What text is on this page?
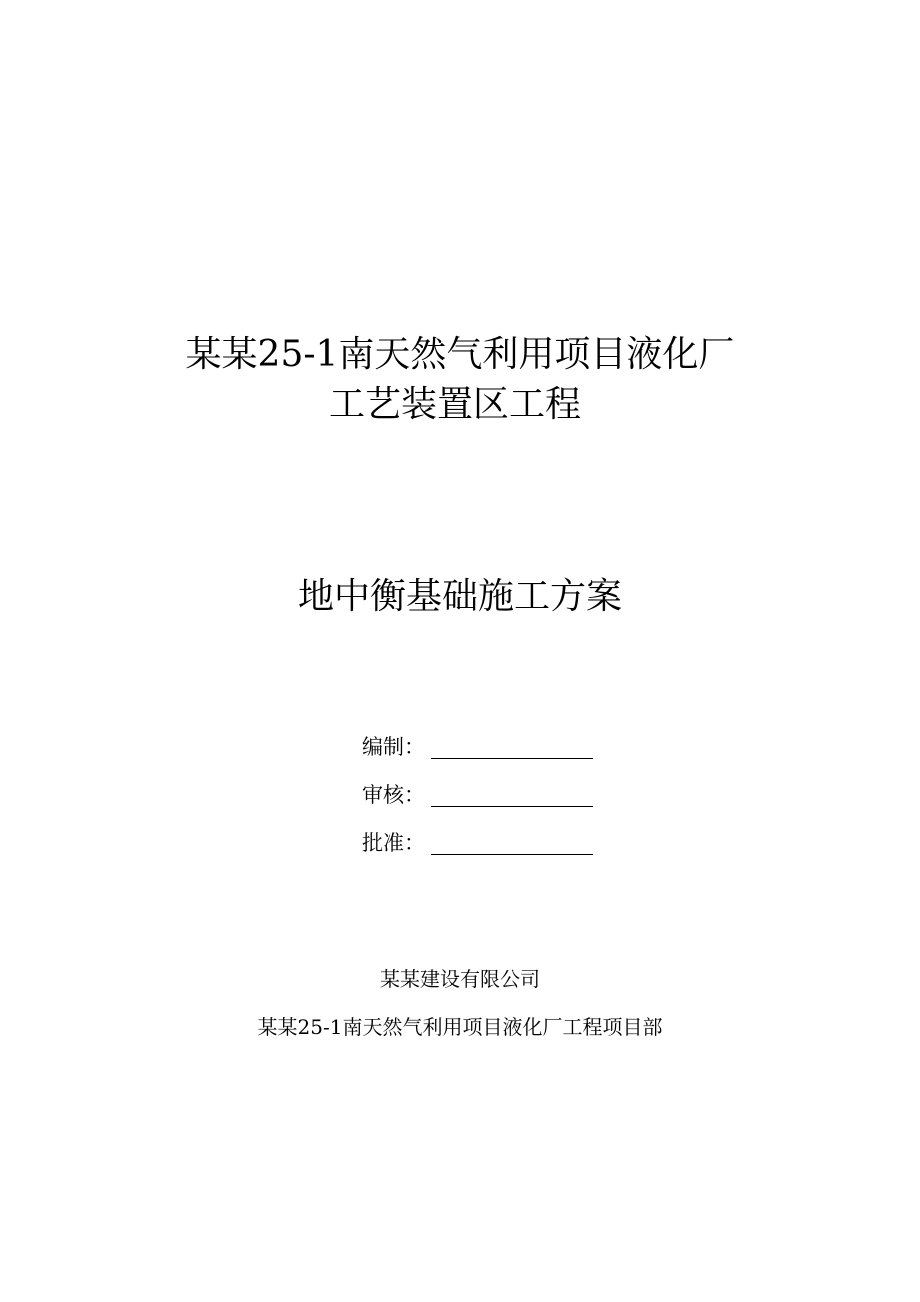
某某25-1南天然气利用项目液化厂
工艺装置区工程
地中衡基础施工方案
编制：
审核：
批准：
某某建设有限公司
某某25-1南天然气利用项目液化厂工程项目部
